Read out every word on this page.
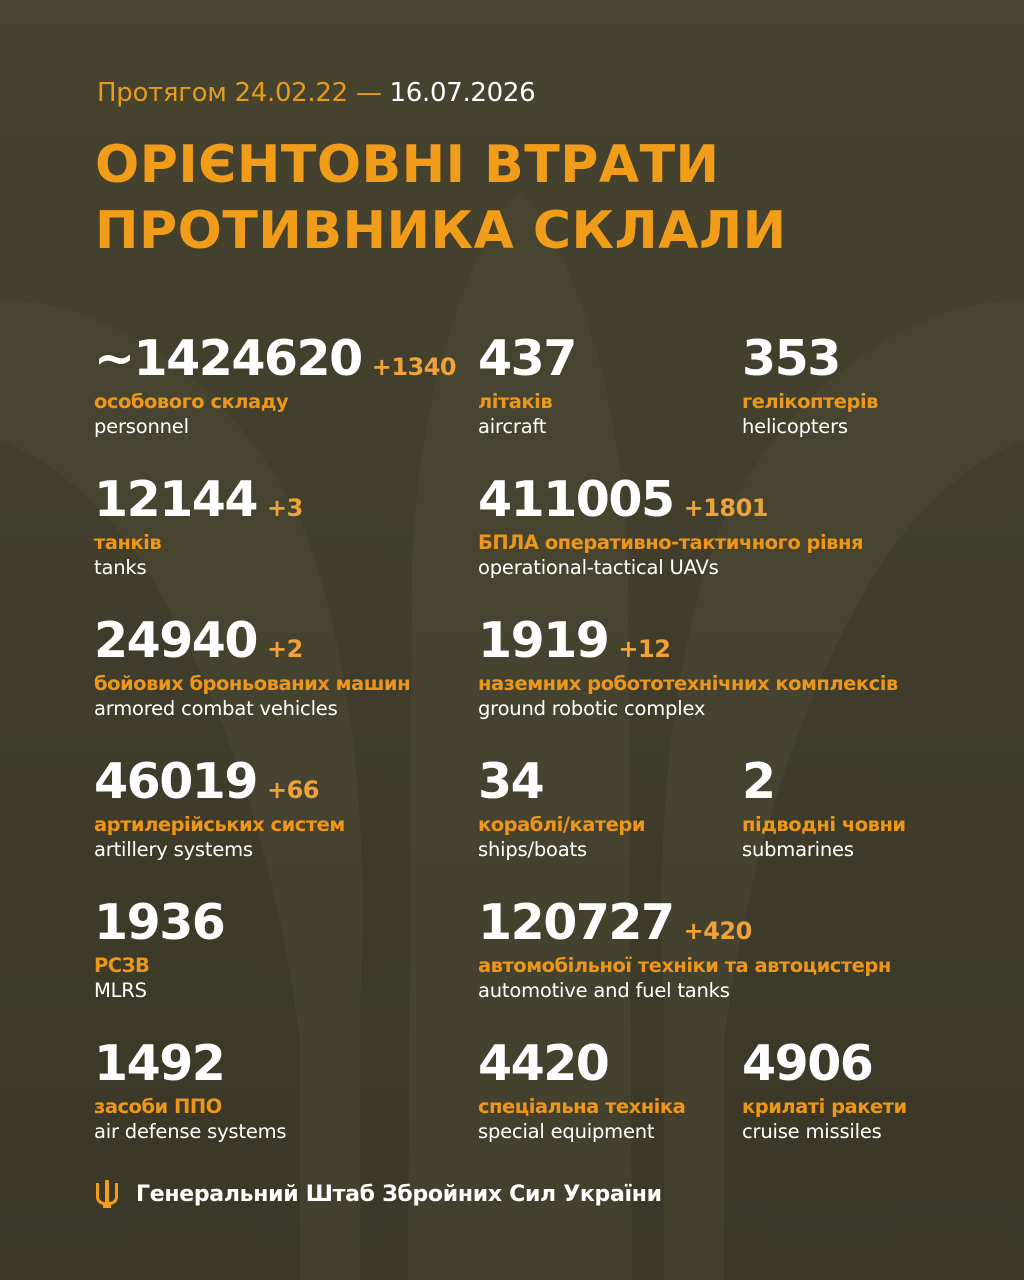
Протягом 24.02.22 — 16.07.2026
ОРІЄНТОВНІ ВТРАТИ
ПРОТИВНИКА СКЛАЛИ
~1424620 +1340
особового складу
personnel
437
літаків
aircraft
353
гелікоптерів
helicopters
12144 +3
танків
tanks
411005 +1801
БПЛА оперативно-тактичного рівня
operational-tactical UAVs
24940 +2
бойових броньованих машин
armored combat vehicles
1919 +12
наземних робототехнічних комплексів
ground robotic complex
46019 +66
артилерійських систем
artillery systems
34
кораблі/катери
ships/boats
2
підводні човни
submarines
1936
РСЗВ
MLRS
120727 +420
автомобільної техніки та автоцистерн
automotive and fuel tanks
1492
засоби ППО
air defense systems
4420
спеціальна техніка
special equipment
4906
крилаті ракети
cruise missiles
Генеральний Штаб Збройних Сил України
